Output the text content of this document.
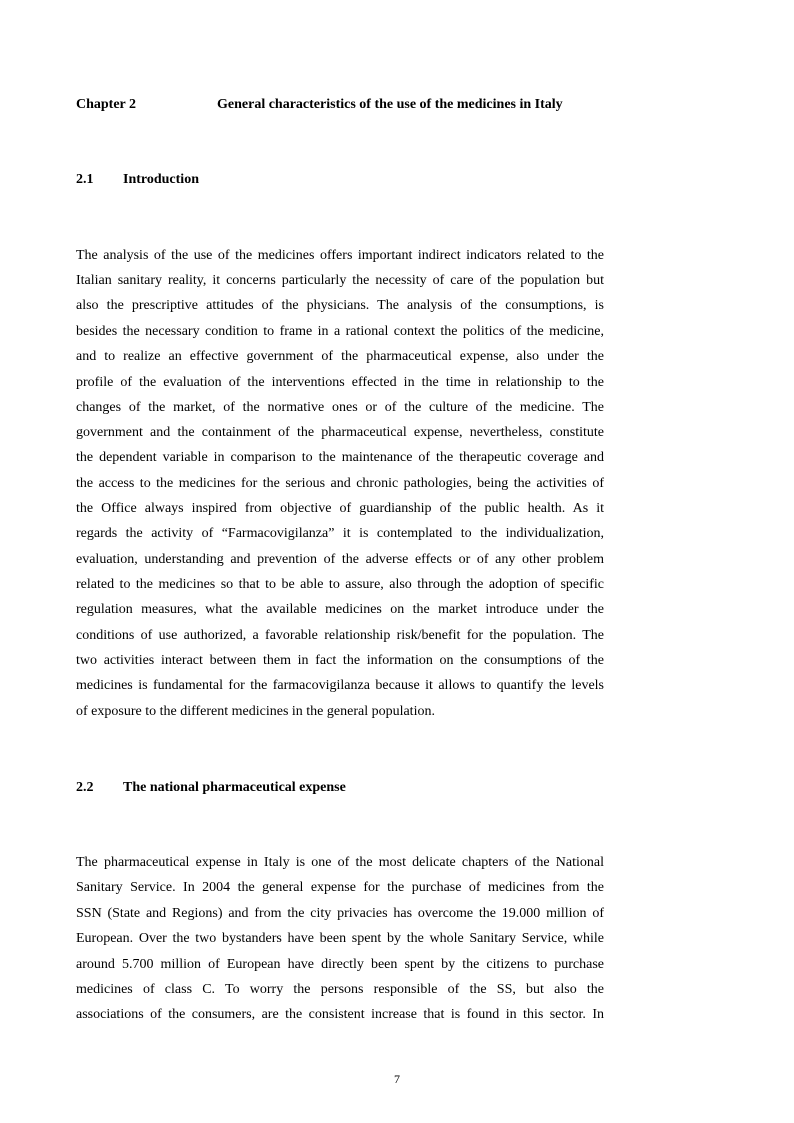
Chapter 2	General characteristics of the use of the medicines in Italy
2.1 Introduction
The analysis of the use of the medicines offers important indirect indicators related to the
Italian sanitary reality, it concerns particularly the necessity of care of the population but
also the prescriptive attitudes of the physicians. The analysis of the consumptions, is
besides the necessary condition to frame in a rational context the politics of the medicine,
and to realize an effective government of the pharmaceutical expense, also under the
profile of the evaluation of the interventions effected in the time in relationship to the
changes of the market, of the normative ones or of the culture of the medicine. The
government and the containment of the pharmaceutical expense, nevertheless, constitute
the dependent variable in comparison to the maintenance of the therapeutic coverage and
the access to the medicines for the serious and chronic pathologies, being the activities of
the Office always inspired from objective of guardianship of the public health. As it
regards the activity of “Farmacovigilanza” it is contemplated to the individualization,
evaluation, understanding and prevention of the adverse effects or of any other problem
related to the medicines so that to be able to assure, also through the adoption of specific
regulation measures, what the available medicines on the market introduce under the
conditions of use authorized, a favorable relationship risk/benefit for the population. The
two activities interact between them in fact the information on the consumptions of the
medicines is fundamental for the farmacovigilanza because it allows to quantify the levels
of exposure to the different medicines in the general population.
2.2 The national pharmaceutical expense
The pharmaceutical expense in Italy is one of the most delicate chapters of the National
Sanitary Service. In 2004 the general expense for the purchase of medicines from the
SSN (State and Regions) and from the city privacies has overcome the 19.000 million of
European. Over the two bystanders have been spent by the whole Sanitary Service, while
around 5.700 million of European have directly been spent by the citizens to purchase
medicines of class C. To worry the persons responsible of the SS, but also the
associations of the consumers, are the consistent increase that is found in this sector. In
7
